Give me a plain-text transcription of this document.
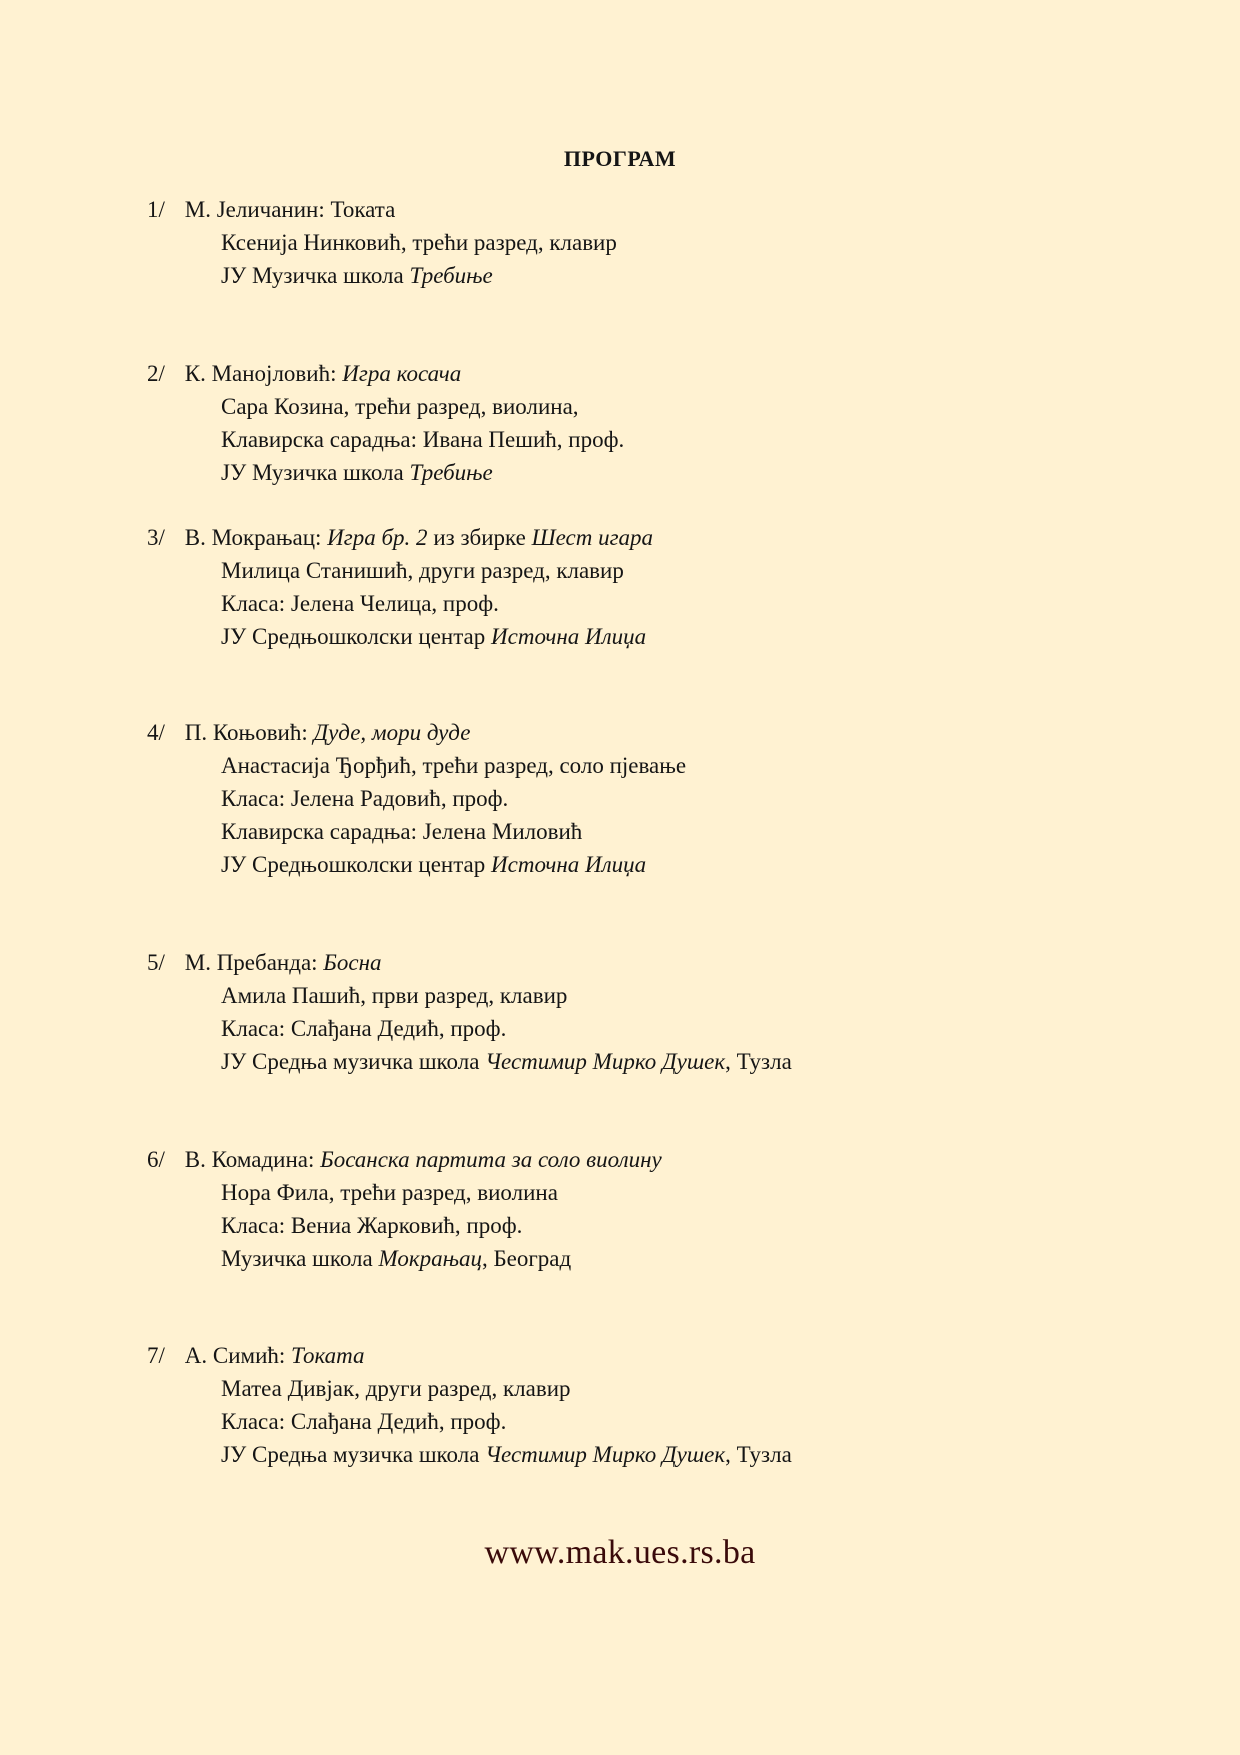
ПРОГРАМ
1/ М. Јеличанин: Токата
Ксенија Нинковић, трећи разред, клавир
ЈУ Музичка школа Требиње
2/ К. Манојловић: Игра косача
Сара Козина, трећи разред, виолина,
Клавирска сарадња: Ивана Пешић, проф.
ЈУ Музичка школа Требиње
3/ В. Мокрањац: Игра бр. 2 из збирке Шест игара
Милица Станишић, други разред, клавир
Класа: Јелена Челица, проф.
ЈУ Средњошколски центар Источна Илиџа
4/ П. Коњовић: Дуде, мори дуде
Анастасија Ђорђић, трећи разред, соло пјевање
Класа: Јелена Радовић, проф.
Клавирска сарадња: Јелена Миловић
ЈУ Средњошколски центар Источна Илиџа
5/ М. Пребанда: Босна
Амила Пашић, први разред, клавир
Класа: Слађана Дедић, проф.
ЈУ Средња музичка школа Честимир Мирко Душек, Тузла
6/ В. Комадина: Босанска партита за соло виолину
Нора Фила, трећи разред, виолина
Класа: Вениа Жарковић, проф.
Музичка школа Мокрањац, Београд
7/ А. Симић: Токата
Матеа Дивјак, други разред, клавир
Класа: Слађана Дедић, проф.
ЈУ Средња музичка школа Честимир Мирко Душек, Тузла
www.mak.ues.rs.ba
